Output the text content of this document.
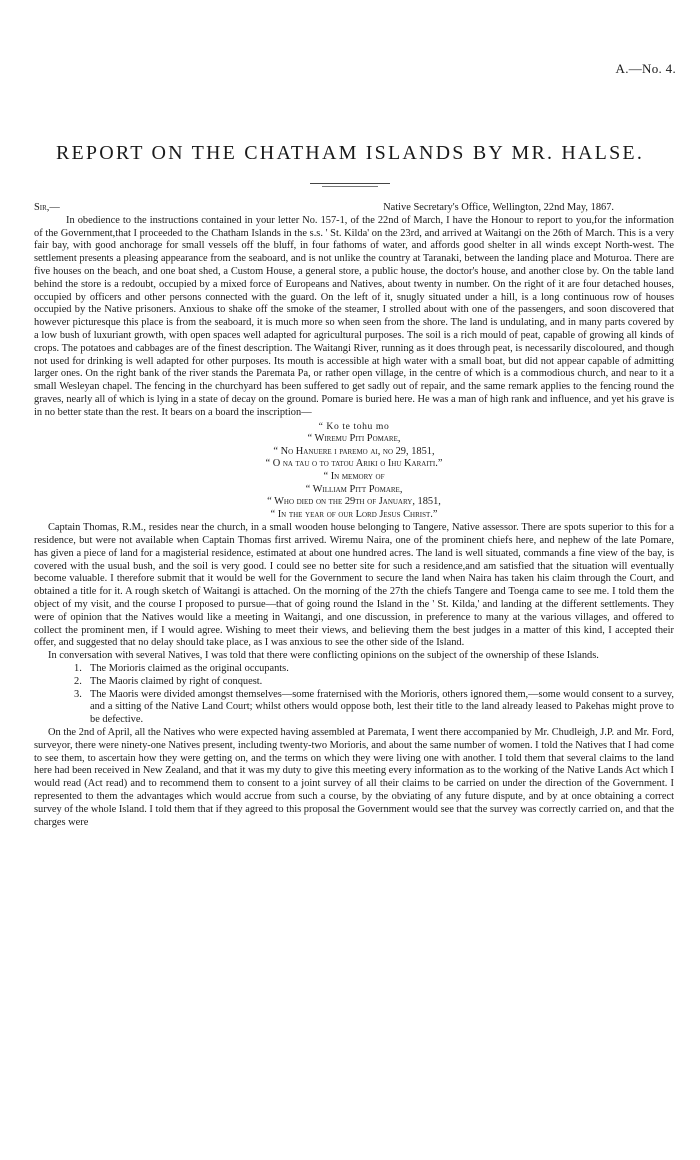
A.—No. 4.
REPORT ON THE CHATHAM ISLANDS BY MR. HALSE.
Sir,—	Native Secretary's Office, Wellington, 22nd May, 1867.

In obedience to the instructions contained in your letter No. 157-1, of the 22nd of March, I have the Honour to report to you,for the information of the Government,that I proceeded to the Chatham Islands in the s.s. ' St. Kilda' on the 23rd, and arrived at Waitangi on the 26th of March. This is a very fair bay, with good anchorage for small vessels off the bluff, in four fathoms of water, and affords good shelter in all winds except North-west. The settlement presents a pleasing appearance from the seaboard, and is not unlike the country at Taranaki, between the landing place and Moturoa. There are five houses on the beach, and one boat shed, a Custom House, a general store, a public house, the doctor's house, and another close by. On the table land behind the store is a redoubt, occupied by a mixed force of Europeans and Natives, about twenty in number. On the right of it are four detached houses, occupied by officers and other persons connected with the guard. On the left of it, snugly situated under a hill, is a long continuous row of houses occupied by the Native prisoners. Anxious to shake off the smoke of the steamer, I strolled about with one of the passengers, and soon discovered that however picturesque this place is from the seaboard, it is much more so when seen from the shore. The land is undulating, and in many parts covered by a low bush of luxuriant growth, with open spaces well adapted for agricultural purposes. The soil is a rich mould of peat, capable of growing all kinds of crops. The potatoes and cabbages are of the finest description. The Waitangi River, running as it does through peat, is necessarily discoloured, and though not used for drinking is well adapted for other purposes. Its mouth is accessible at high water with a small boat, but did not appear capable of admitting larger ones. On the right bank of the river stands the Paremata Pa, or rather open village, in the centre of which is a commodious church, and near to it a small Wesleyan chapel. The fencing in the churchyard has been suffered to get sadly out of repair, and the same remark applies to the fencing round the graves, nearly all of which is lying in a state of decay on the ground. Pomare is buried here. He was a man of high rank and influence, and yet his grave is in no better state than the rest. It bears on a board the inscription—

“ Ko te tohu mo
“ Wiremu Piti Pomare,
“ No Hanuere i paremo ai, no 29, 1851,
“ O na tau o to tatou Ariki o Ihu Karaiti.”
“ In memory of
“ William Pitt Pomare,
“ Who died on the 29th of January, 1851,
“ In the year of our Lord Jesus Christ.”

Captain Thomas, R.M., resides near the church, in a small wooden house belonging to Tangere, Native assessor. There are spots superior to this for a residence, but were not available when Captain Thomas first arrived. Wiremu Naira, one of the prominent chiefs here, and nephew of the late Pomare, has given a piece of land for a magisterial residence, estimated at about one hundred acres. The land is well situated, commands a fine view of the bay, is covered with the usual bush, and the soil is very good. I could see no better site for such a residence,and am satisfied that the situation will eventually become valuable. I therefore submit that it would be well for the Government to secure the land when Naira has taken his claim through the Court, and obtained a title for it. A rough sketch of Waitangi is attached. On the morning of the 27th the chiefs Tangere and Toenga came to see me. I told them the object of my visit, and the course I proposed to pursue—that of going round the Island in the ' St. Kilda,' and landing at the different settlements. They were of opinion that the Natives would like a meeting in Waitangi, and one discussion, in preference to many at the various villages, and offered to collect the prominent men, if I would agree. Wishing to meet their views, and believing them the best judges in a matter of this kind, I accepted their offer, and suggested that no delay should take place, as I was anxious to see the other side of the Island.

In conversation with several Natives, I was told that there were conflicting opinions on the subject of the ownership of these Islands.

1. The Morioris claimed as the original occupants.
2. The Maoris claimed by right of conquest.
3. The Maoris were divided amongst themselves—some fraternised with the Morioris, others ignored them,—some would consent to a survey, and a sitting of the Native Land Court; whilst others would oppose both, lest their title to the land already leased to Pakehas might prove to be defective.

On the 2nd of April, all the Natives who were expected having assembled at Paremata, I went there accompanied by Mr. Chudleigh, J.P. and Mr. Ford, surveyor, there were ninety-one Natives present, including twenty-two Morioris, and about the same number of women. I told the Natives that I had come to see them, to ascertain how they were getting on, and the terms on which they were living one with another. I told them that several claims to the land here had been received in New Zealand, and that it was my duty to give this meeting every information as to the working of the Native Lands Act which I would read (Act read) and to recommend them to consent to a joint survey of all their claims to be carried on under the direction of the Government. I represented to them the advantages which would accrue from such a course, by the obviating of any future dispute, and by at once obtaining a correct survey of the whole Island. I told them that if they agreed to this proposal the Government would see that the survey was correctly carried on, and that the charges were
